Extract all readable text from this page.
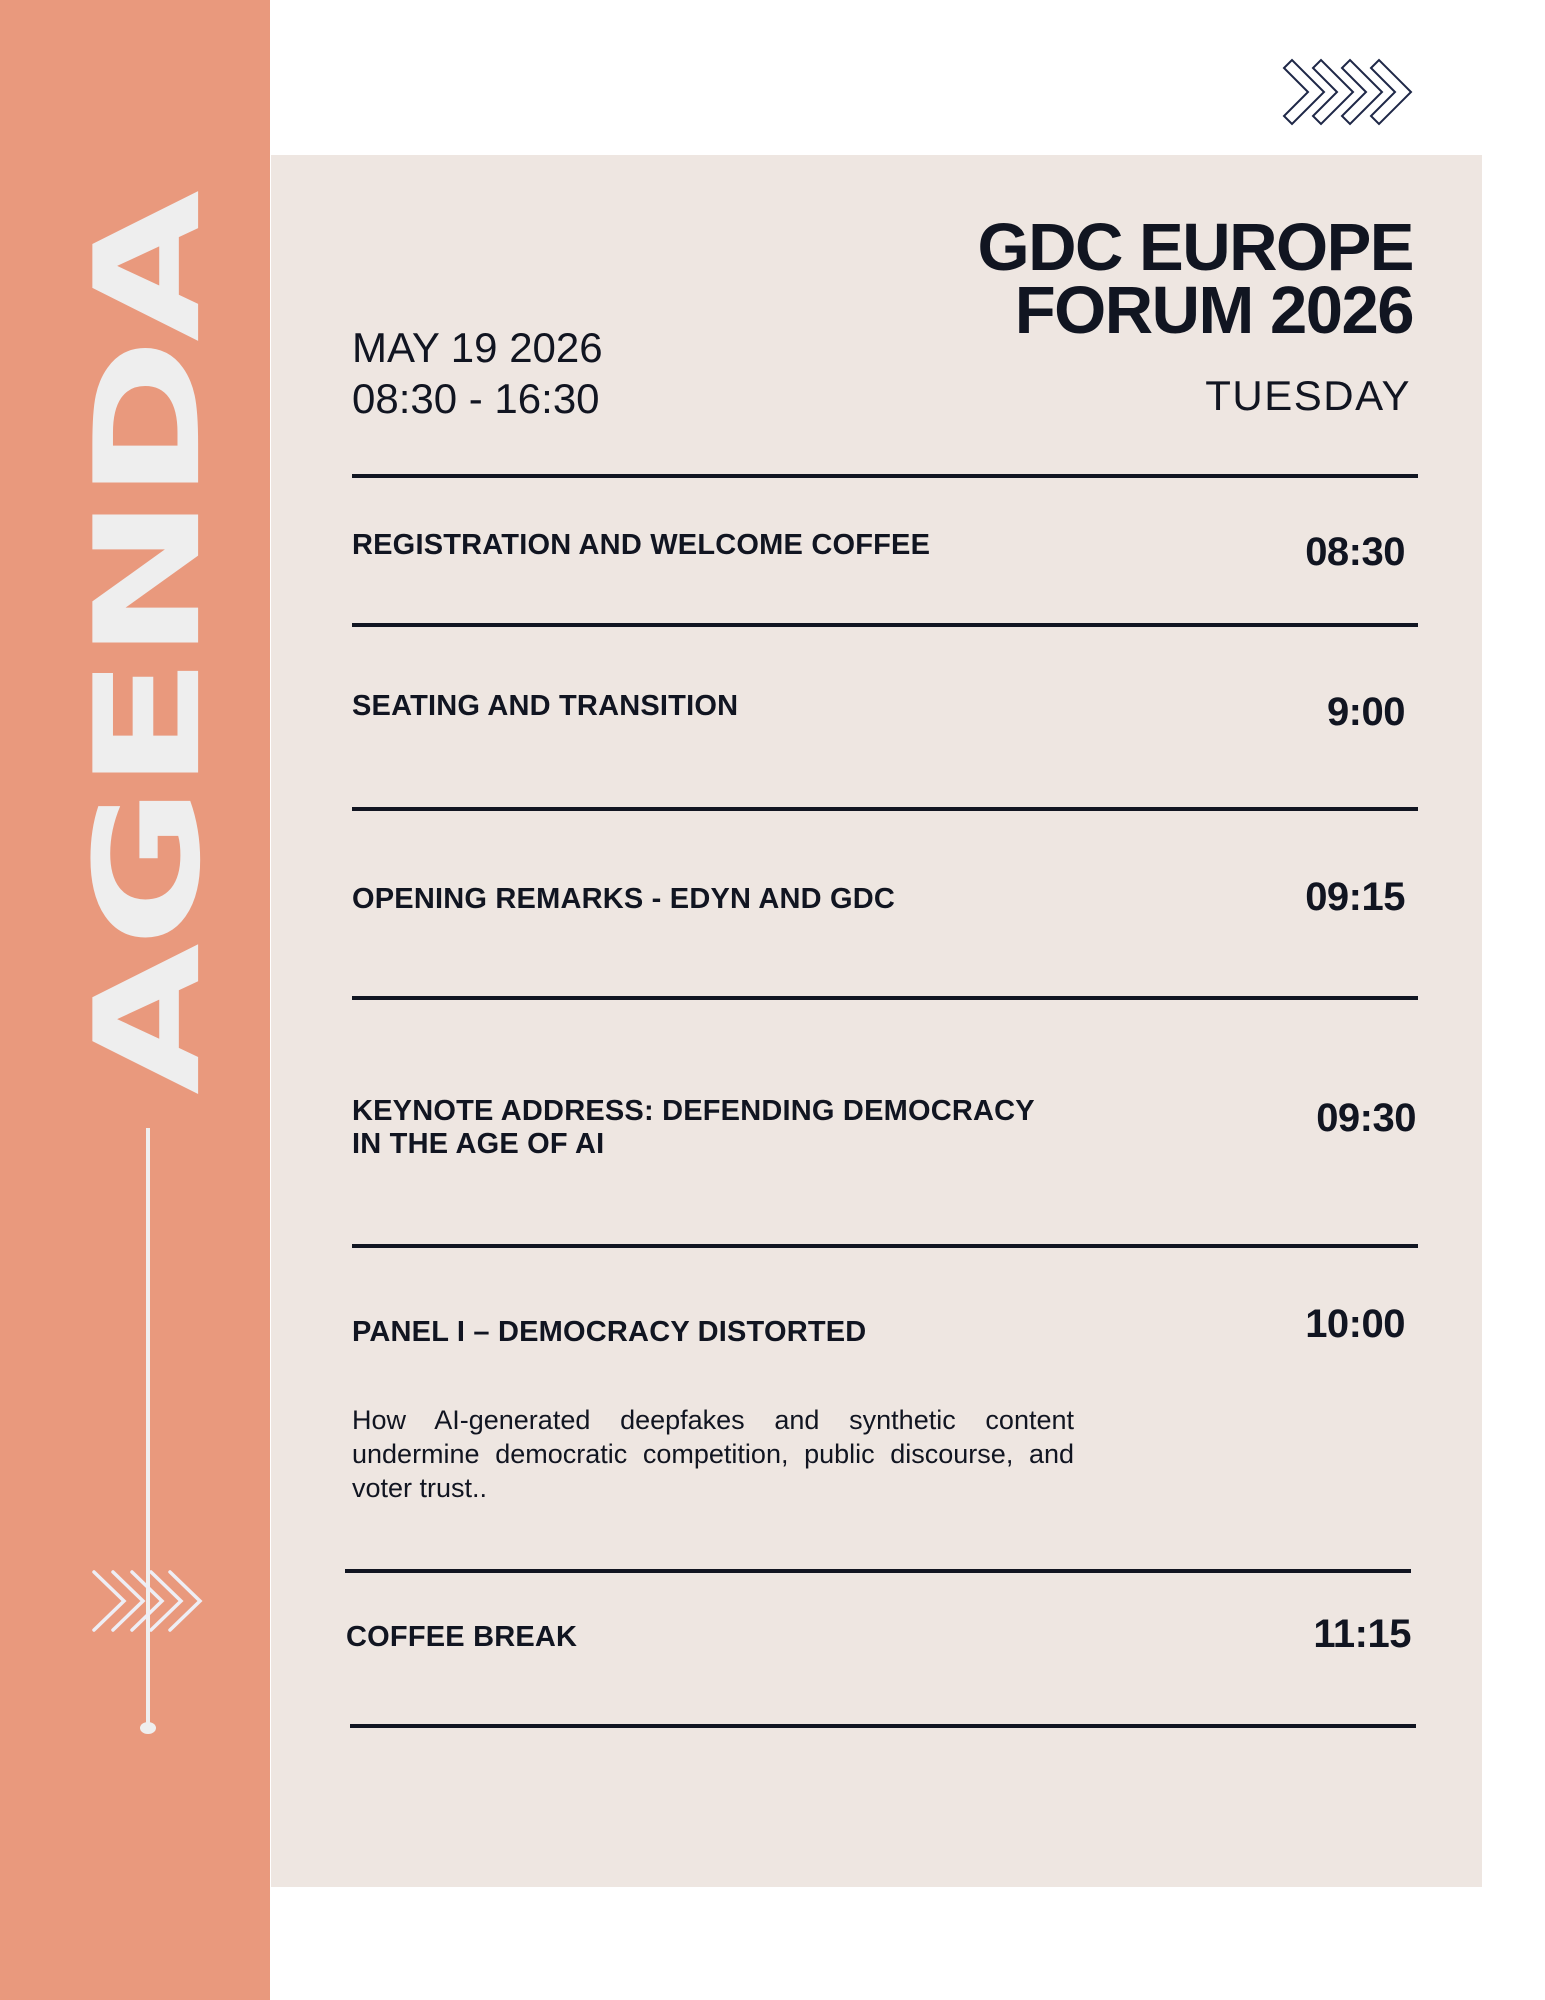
AGENDA	GDC EUROPE
FORUM 2026
TUESDAY
MAY 19 2026
08:30 - 16:30
REGISTRATION AND WELCOME COFFEE	08:30
SEATING AND TRANSITION	9:00
OPENING REMARKS - EDYN AND GDC	09:15
KEYNOTE ADDRESS: DEFENDING DEMOCRACY
IN THE AGE OF AI
09:30
PANEL I – DEMOCRACY DISTORTED	10:00
How AI-generated deepfakes and synthetic content undermine democratic competition, public discourse, and voter trust..
COFFEE BREAK	11:15
